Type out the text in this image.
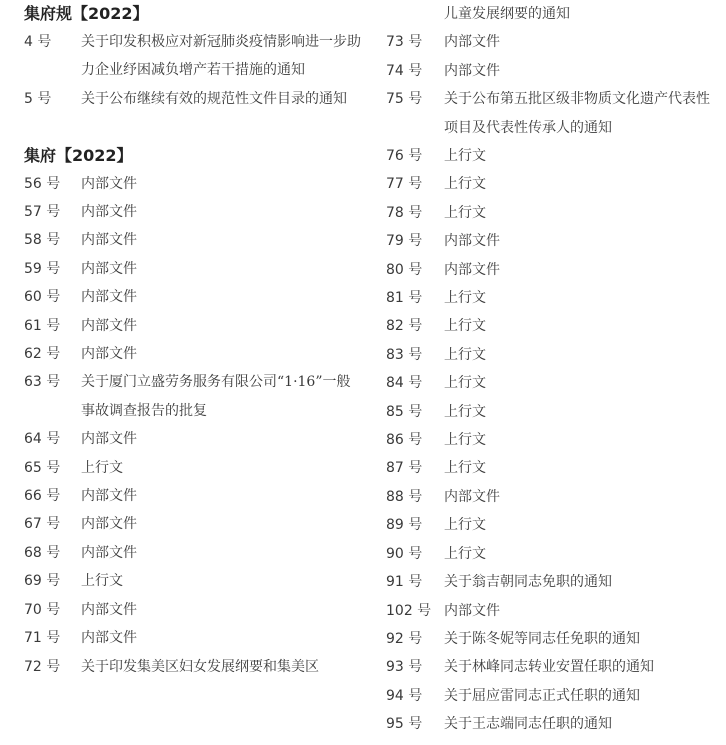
集府规【2022】
4 号	关于印发积极应对新冠肺炎疫情影响进一步助力企业纾困减负增产若干措施的通知
5 号	关于公布继续有效的规范性文件目录的通知
集府【2022】
56 号	内部文件
57 号	内部文件
58 号	内部文件
59 号	内部文件
60 号	内部文件
61 号	内部文件
62 号	内部文件
63 号	关于厦门立盛劳务服务有限公司“1·16”一般事故调查报告的批复
64 号	内部文件
65 号	上行文
66 号	内部文件
67 号	内部文件
68 号	内部文件
69 号	上行文
70 号	内部文件
71 号	内部文件
72 号	关于印发集美区妇女发展纲要和集美区
儿童发展纲要的通知
73 号	内部文件
74 号	内部文件
75 号	关于公布第五批区级非物质文化遗产代表性项目及代表性传承人的通知
76 号	上行文
77 号	上行文
78 号	上行文
79 号	内部文件
80 号	内部文件
81 号	上行文
82 号	上行文
83 号	上行文
84 号	上行文
85 号	上行文
86 号	上行文
87 号	上行文
88 号	内部文件
89 号	上行文
90 号	上行文
91 号	关于翁吉朝同志免职的通知
102 号 内部文件
92 号	关于陈冬妮等同志任免职的通知
93 号	关于林峰同志转业安置任职的通知
94 号	关于屈应雷同志正式任职的通知
95 号	关于王志端同志任职的通知
